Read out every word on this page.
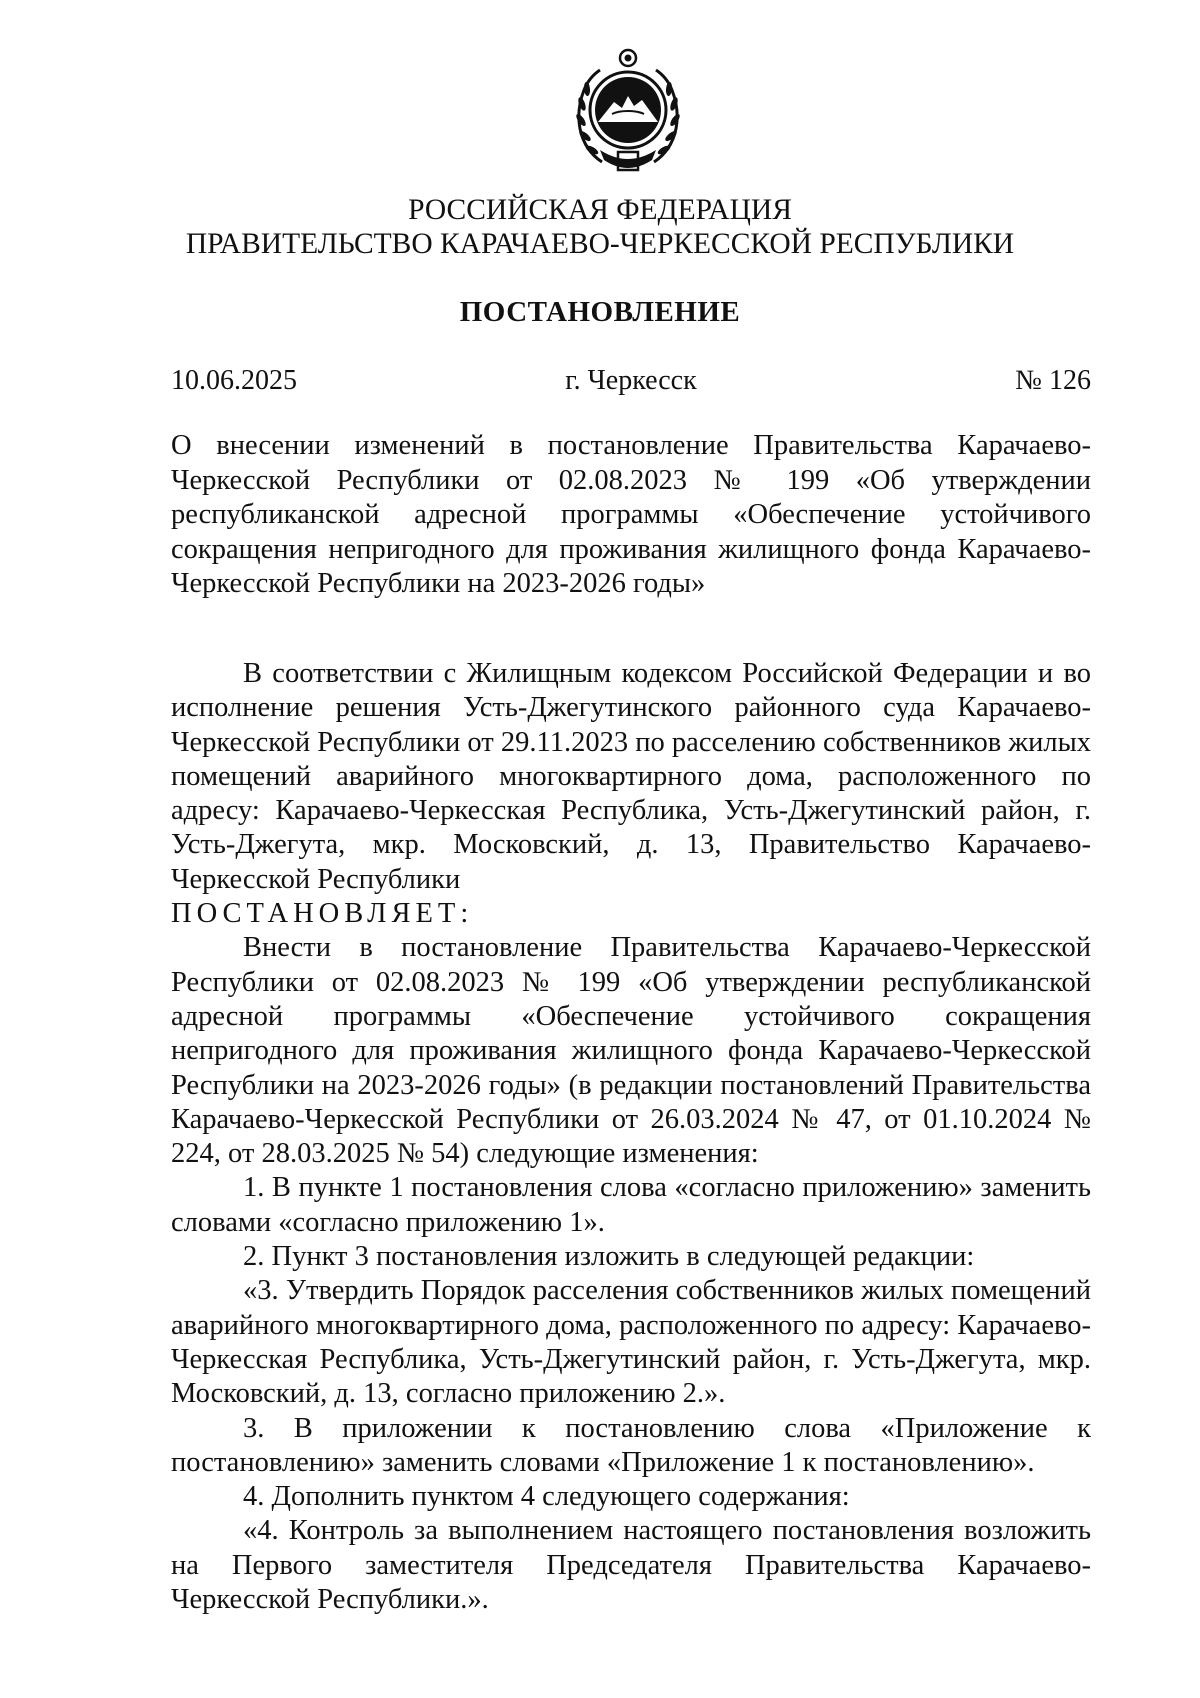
РОССИЙСКАЯ ФЕДЕРАЦИЯ
ПРАВИТЕЛЬСТВО КАРАЧАЕВО-ЧЕРКЕССКОЙ РЕСПУБЛИКИ
ПОСТАНОВЛЕНИЕ
10.06.2025	г. Черкесск	№ 126
О внесении изменений в постановление Правительства Карачаево-Черкесской Республики от 02.08.2023 № 199 «Об утверждении республиканской адресной программы «Обеспечение устойчивого сокращения непригодного для проживания жилищного фонда Карачаево-Черкесской Республики на 2023-2026 годы»

В соответствии с Жилищным кодексом Российской Федерации и во исполнение решения Усть-Джегутинского районного суда Карачаево-Черкесской Республики от 29.11.2023 по расселению собственников жилых помещений аварийного многоквартирного дома, расположенного по адресу: Карачаево-Черкесская Республика, Усть-Джегутинский район, г. Усть-Джегута, мкр. Московский, д. 13, Правительство Карачаево-Черкесской Республики

ПОСТАНОВЛЯЕТ:

Внести в постановление Правительства Карачаево-Черкесской Республики от 02.08.2023 № 199 «Об утверждении республиканской адресной программы «Обеспечение устойчивого сокращения непригодного для проживания жилищного фонда Карачаево-Черкесской Республики на 2023-2026 годы» (в редакции постановлений Правительства Карачаево-Черкесской Республики от 26.03.2024 № 47, от 01.10.2024 № 224, от 28.03.2025 № 54) следующие изменения:

1. В пункте 1 постановления слова «согласно приложению» заменить словами «согласно приложению 1».

2. Пункт 3 постановления изложить в следующей редакции:

«3. Утвердить Порядок расселения собственников жилых помещений аварийного многоквартирного дома, расположенного по адресу: Карачаево-Черкесская Республика, Усть-Джегутинский район, г. Усть-Джегута, мкр. Московский, д. 13, согласно приложению 2.».

3. В приложении к постановлению слова «Приложение к постановлению» заменить словами «Приложение 1 к постановлению».

4. Дополнить пунктом 4 следующего содержания:

«4. Контроль за выполнением настоящего постановления возложить на Первого заместителя Председателя Правительства Карачаево-Черкесской Республики.».
